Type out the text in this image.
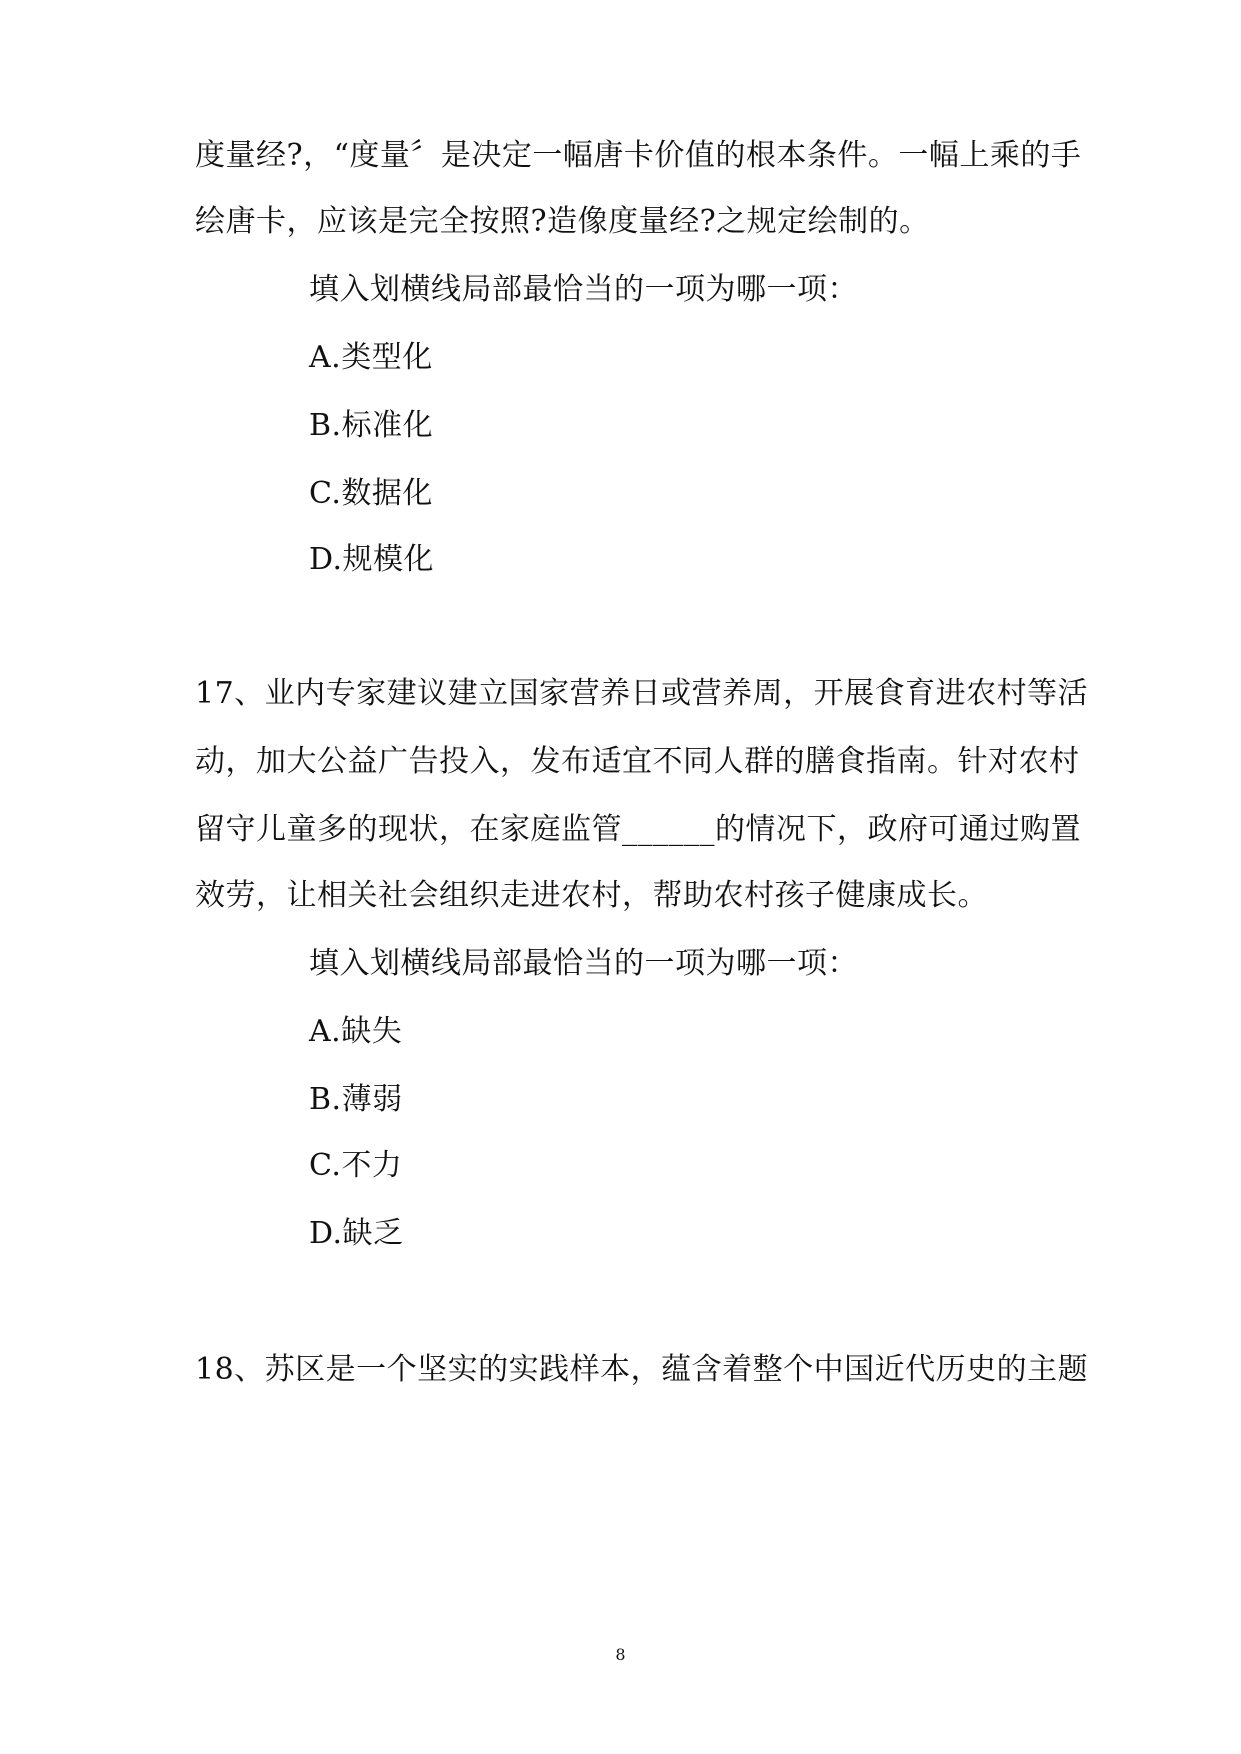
度量经?，“度量〞是决定一幅唐卡价值的根本条件。一幅上乘的手
绘唐卡，应该是完全按照?造像度量经?之规定绘制的。
填入划横线局部最恰当的一项为哪一项：
A.类型化
B.标准化
C.数据化
D.规模化
17、业内专家建议建立国家营养日或营养周，开展食育进农村等活
动，加大公益广告投入，发布适宜不同人群的膳食指南。针对农村
留守儿童多的现状，在家庭监管______的情况下，政府可通过购置
效劳，让相关社会组织走进农村，帮助农村孩子健康成长。
填入划横线局部最恰当的一项为哪一项：
A.缺失
B.薄弱
C.不力
D.缺乏
18、苏区是一个坚实的实践样本，蕴含着整个中国近代历史的主题
8
